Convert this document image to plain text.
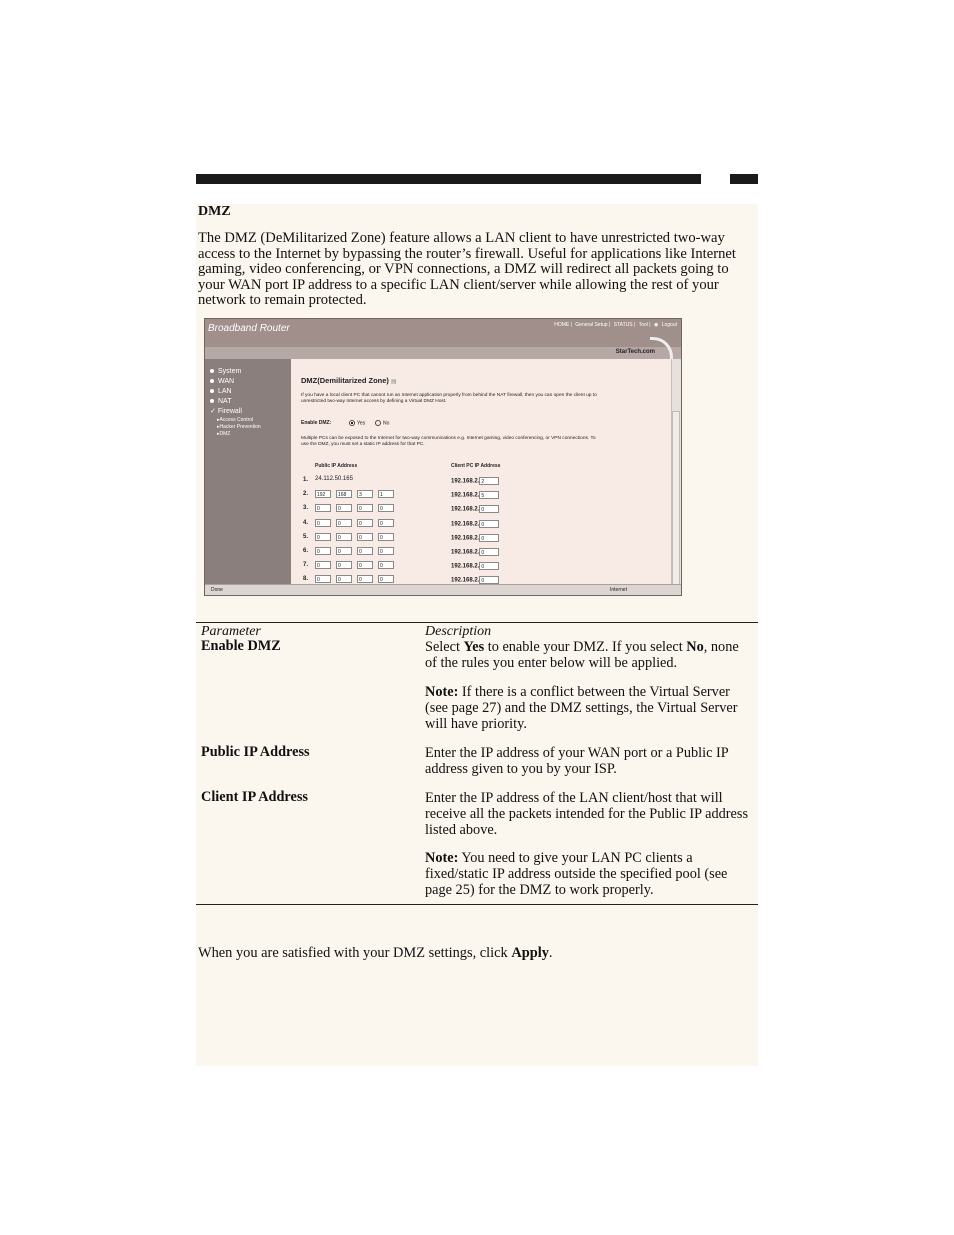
DMZ

The DMZ (DeMilitarized Zone) feature allows a LAN client to have unrestricted two-way access to the Internet by bypassing the router’s firewall. Useful for applications like Internet gaming, video conferencing, or VPN connections, a DMZ will redirect all packets going to your WAN port IP address to a specific LAN client/server while allowing the rest of your network to remain protected.

Broadband Router	HOME | General Setup | STATUS | Tool | ◉ Logout
StarTech.com
System
WAN
LAN
NAT
✓ Firewall
▸Access Control
▸Hacker Prevention
▸DMZ
DMZ(Demilitarized Zone) ▤

If you have a local client PC that cannot run an Internet application properly from behind the NAT firewall, then you can open the client up to unrestricted two-way Internet access by defining a Virtual DMZ Host.

Enable DMZ:	Yes	No

Multiple PCs can be exposed to the Internet for two-way communications e.g. Internet gaming, video conferencing, or VPN connections. To use the DMZ, you must set a static IP address for that PC.

Public IP Address	Client PC IP Address
1. 24.112.50.165	192.168.2. 2
2.	192	168	3	1	192.168.2. 5
3.	0	0	0	0	192.168.2. 0
4.	0	0	0	0	192.168.2. 0
5.	0	0	0	0	192.168.2. 0
6.	0	0	0	0	192.168.2. 0
7.	0	0	0	0	192.168.2. 0
8.	0	0	0	0	192.168.2. 0
Done	Internet
Parameter	Description
Enable DMZ	Select Yes to enable your DMZ. If you select No, none of the rules you enter below will be applied.

Note: If there is a conflict between the Virtual Server (see page 27) and the DMZ settings, the Virtual Server will have priority.

Public IP Address	Enter the IP address of your WAN port or a Public IP address given to you by your ISP.

Client IP Address	Enter the IP address of the LAN client/host that will receive all the packets intended for the Public IP address listed above.

Note: You need to give your LAN PC clients a fixed/static IP address outside the specified pool (see page 25) for the DMZ to work properly.

When you are satisfied with your DMZ settings, click Apply.
